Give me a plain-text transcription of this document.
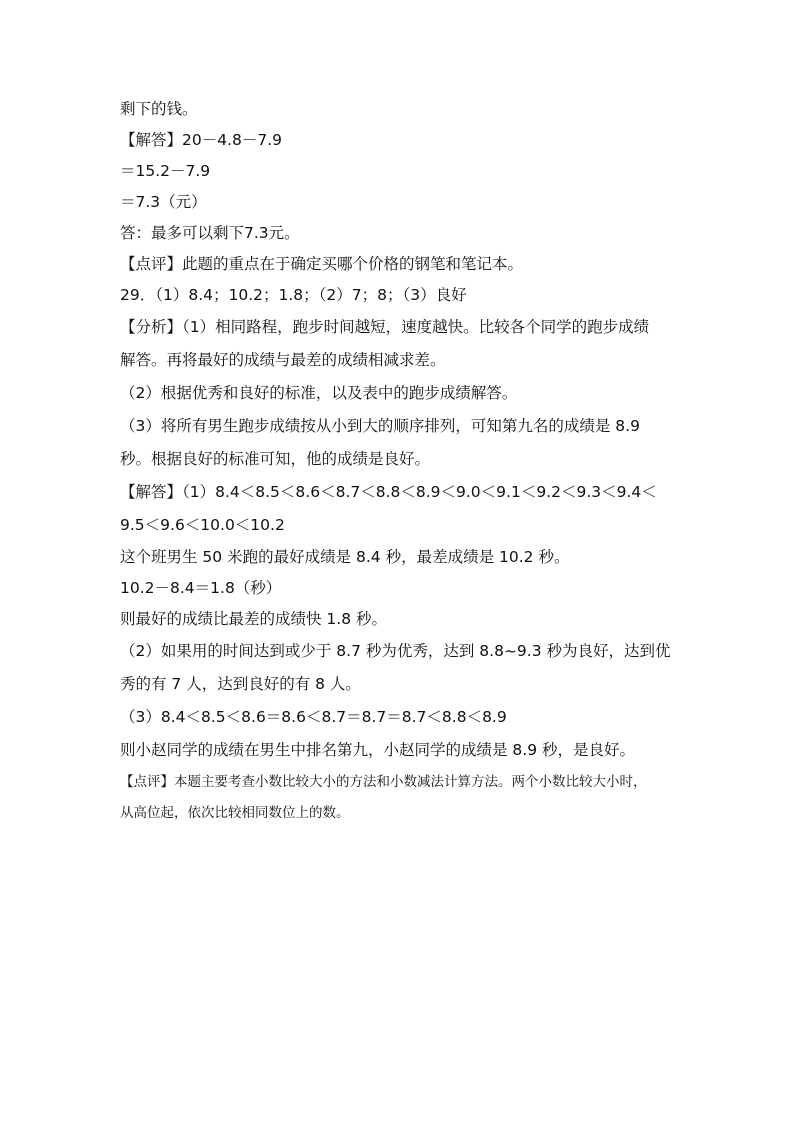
剩下的钱。
【解答】20－4.8－7.9
＝15.2－7.9
＝7.3（元）
答：最多可以剩下7.3元。
【点评】此题的重点在于确定买哪个价格的钢笔和笔记本。
29．（1）8.4；10.2；1.8；（2）7；8；（3）良好
【分析】（1）相同路程，跑步时间越短，速度越快。比较各个同学的跑步成绩
解答。再将最好的成绩与最差的成绩相减求差。
（2）根据优秀和良好的标准，以及表中的跑步成绩解答。
（3）将所有男生跑步成绩按从小到大的顺序排列，可知第九名的成绩是 8.9
秒。根据良好的标准可知，他的成绩是良好。
【解答】（1）8.4＜8.5＜8.6＜8.7＜8.8＜8.9＜9.0＜9.1＜9.2＜9.3＜9.4＜
9.5＜9.6＜10.0＜10.2
这个班男生 50 米跑的最好成绩是 8.4 秒，最差成绩是 10.2 秒。
10.2－8.4＝1.8（秒）
则最好的成绩比最差的成绩快 1.8 秒。
（2）如果用的时间达到或少于 8.7 秒为优秀，达到 8.8~9.3 秒为良好，达到优
秀的有 7 人，达到良好的有 8 人。
（3）8.4＜8.5＜8.6＝8.6＜8.7＝8.7＝8.7＜8.8＜8.9
则小赵同学的成绩在男生中排名第九，小赵同学的成绩是 8.9 秒，是良好。
【点评】本题主要考查小数比较大小的方法和小数减法计算方法。两个小数比较大小时，
从高位起，依次比较相同数位上的数。
